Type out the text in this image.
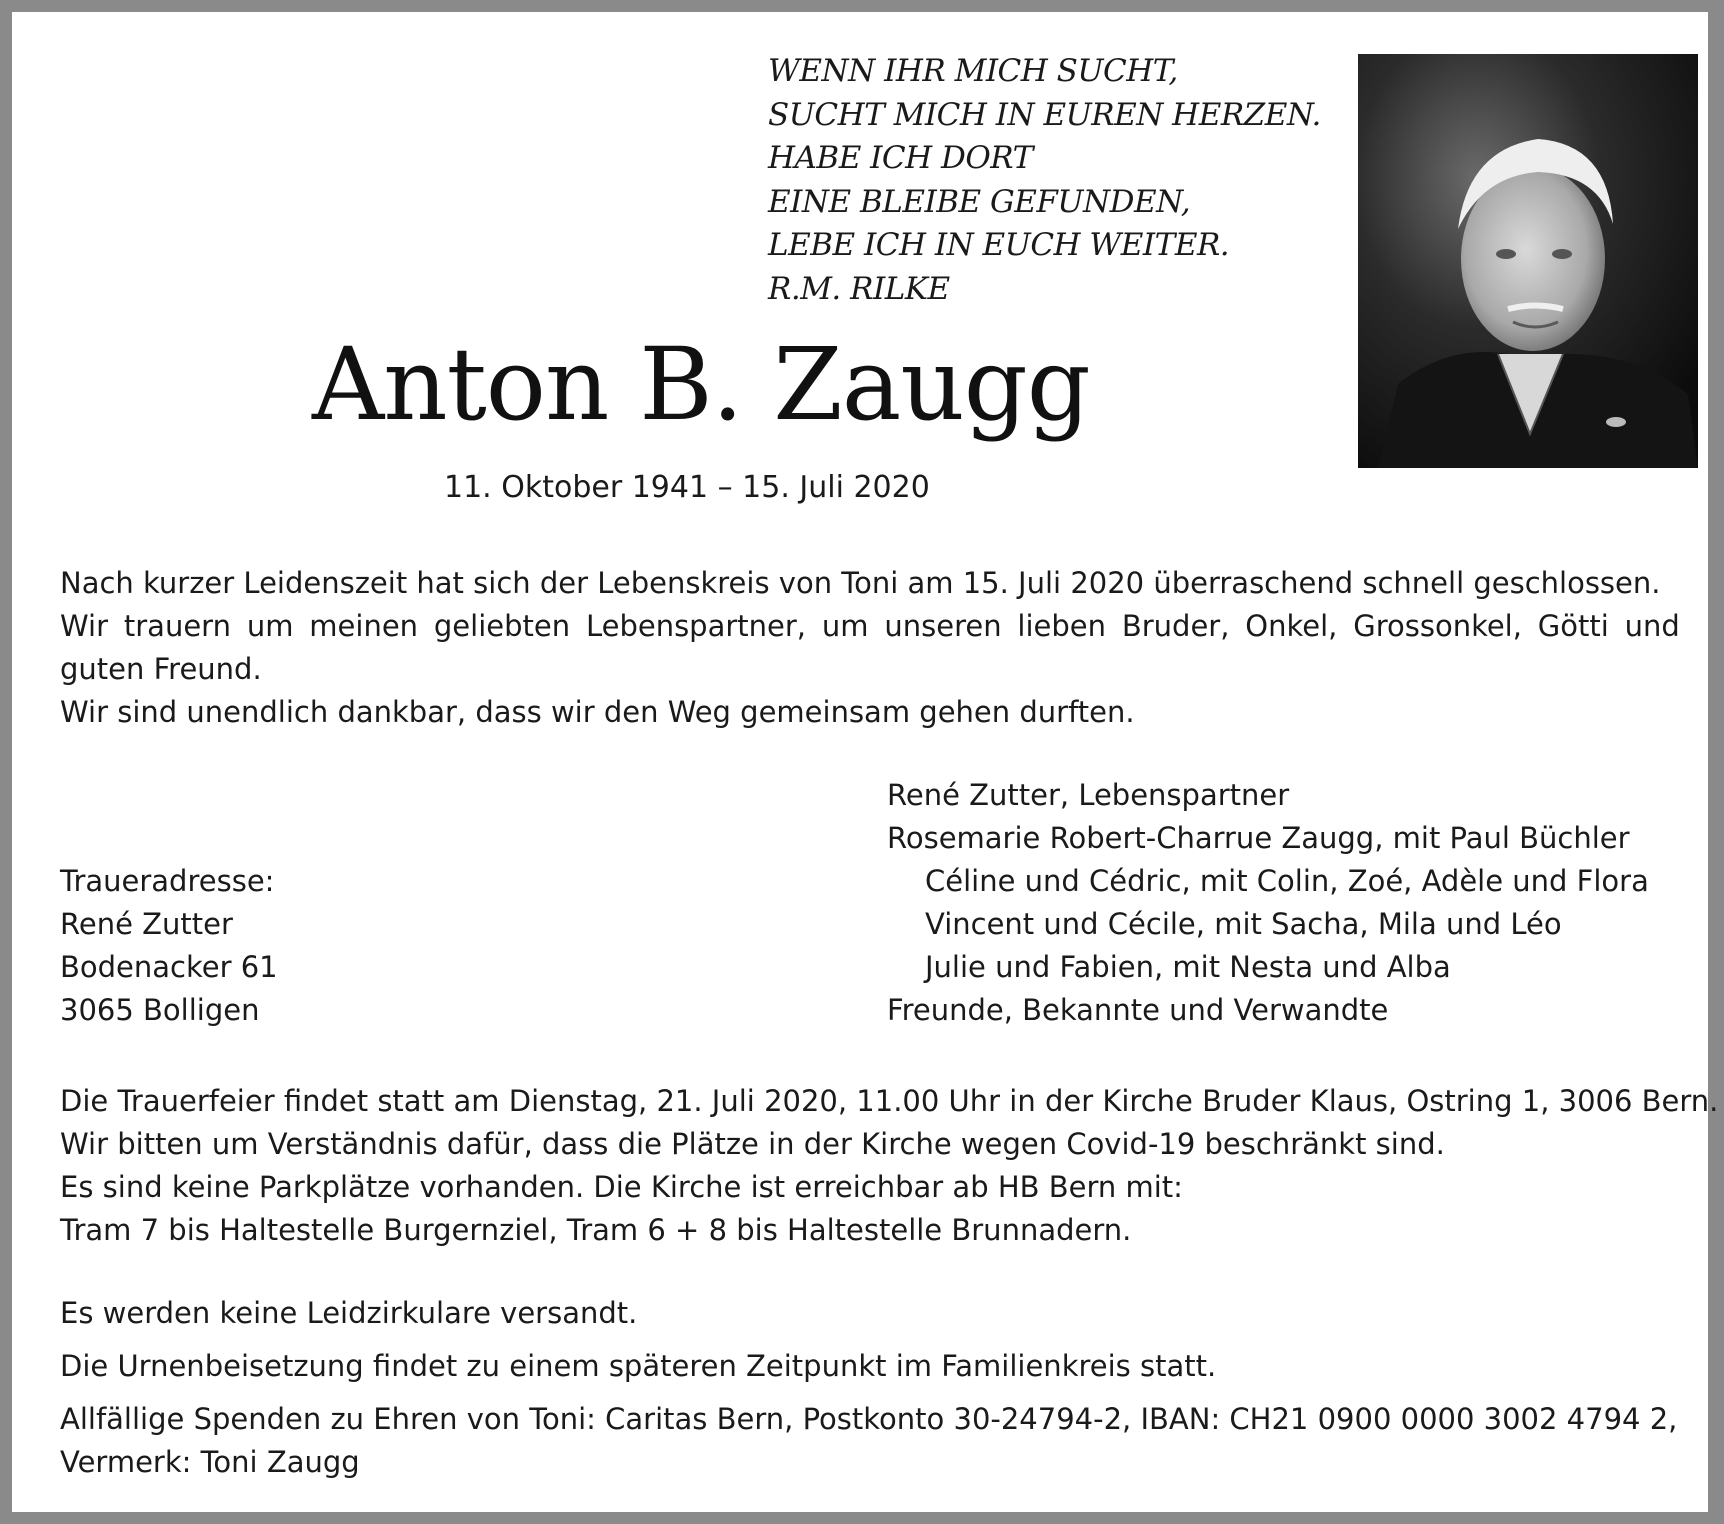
WENN IHR MICH SUCHT,
SUCHT MICH IN EUREN HERZEN.
HABE ICH DORT
EINE BLEIBE GEFUNDEN,
LEBE ICH IN EUCH WEITER.
R.M. RILKE
Anton B. Zaugg
11. Oktober 1941 – 15. Juli 2020
Nach kurzer Leidenszeit hat sich der Lebenskreis von Toni am 15. Juli 2020 überraschend schnell geschlossen.
Wir trauern um meinen geliebten Lebenspartner, um unseren lieben Bruder, Onkel, Grossonkel, Götti und
guten Freund.
Wir sind unendlich dankbar, dass wir den Weg gemeinsam gehen durften.
Traueradresse:
René Zutter
Bodenacker 61
3065 Bolligen
René Zutter, Lebenspartner
Rosemarie Robert-Charrue Zaugg, mit Paul Büchler
Céline und Cédric, mit Colin, Zoé, Adèle und Flora
Vincent und Cécile, mit Sacha, Mila und Léo
Julie und Fabien, mit Nesta und Alba
Freunde, Bekannte und Verwandte
Die Trauerfeier findet statt am Dienstag, 21. Juli 2020, 11.00 Uhr in der Kirche Bruder Klaus, Ostring 1, 3006 Bern.
Wir bitten um Verständnis dafür, dass die Plätze in der Kirche wegen Covid-19 beschränkt sind.
Es sind keine Parkplätze vorhanden. Die Kirche ist erreichbar ab HB Bern mit:
Tram 7 bis Haltestelle Burgernziel, Tram 6 + 8 bis Haltestelle Brunnadern.
Es werden keine Leidzirkulare versandt.
Die Urnenbeisetzung findet zu einem späteren Zeitpunkt im Familienkreis statt.
Allfällige Spenden zu Ehren von Toni: Caritas Bern, Postkonto 30-24794-2, IBAN: CH21 0900 0000 3002 4794 2,
Vermerk: Toni Zaugg
